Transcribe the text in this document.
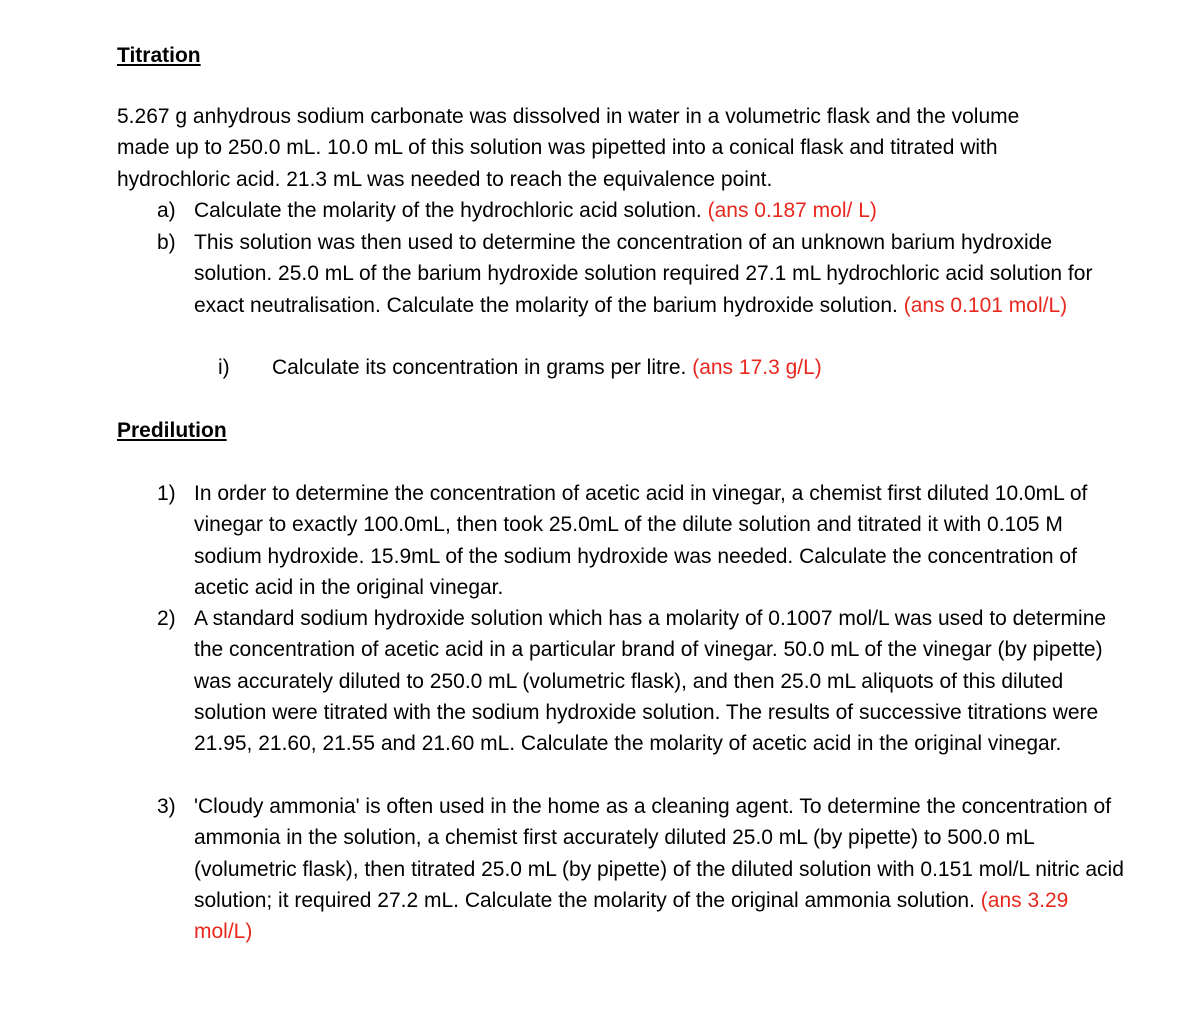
Titration

5.267 g anhydrous sodium carbonate was dissolved in water in a volumetric flask and the volume made up to 250.0 mL. 10.0 mL of this solution was pipetted into a conical flask and titrated with hydrochloric acid. 21.3 mL was needed to reach the equivalence point.

a) Calculate the molarity of the hydrochloric acid solution. (ans 0.187 mol/ L)

b) This solution was then used to determine the concentration of an unknown barium hydroxide solution. 25.0 mL of the barium hydroxide solution required 27.1 mL hydrochloric acid solution for exact neutralisation. Calculate the molarity of the barium hydroxide solution. (ans 0.101 mol/L)

i) Calculate its concentration in grams per litre. (ans 17.3 g/L)

Predilution
1) In order to determine the concentration of acetic acid in vinegar, a chemist first diluted 10.0mL of vinegar to exactly 100.0mL, then took 25.0mL of the dilute solution and titrated it with 0.105 M sodium hydroxide. 15.9mL of the sodium hydroxide was needed. Calculate the concentration of acetic acid in the original vinegar.

2) A standard sodium hydroxide solution which has a molarity of 0.1007 mol/L was used to determine the concentration of acetic acid in a particular brand of vinegar. 50.0 mL of the vinegar (by pipette) was accurately diluted to 250.0 mL (volumetric flask), and then 25.0 mL aliquots of this diluted solution were titrated with the sodium hydroxide solution. The results of successive titrations were 21.95, 21.60, 21.55 and 21.60 mL. Calculate the molarity of acetic acid in the original vinegar.

3) 'Cloudy ammonia' is often used in the home as a cleaning agent. To determine the concentration of ammonia in the solution, a chemist first accurately diluted 25.0 mL (by pipette) to 500.0 mL (volumetric flask), then titrated 25.0 mL (by pipette) of the diluted solution with 0.151 mol/L nitric acid solution; it required 27.2 mL. Calculate the molarity of the original ammonia solution. (ans 3.29 mol/L)
